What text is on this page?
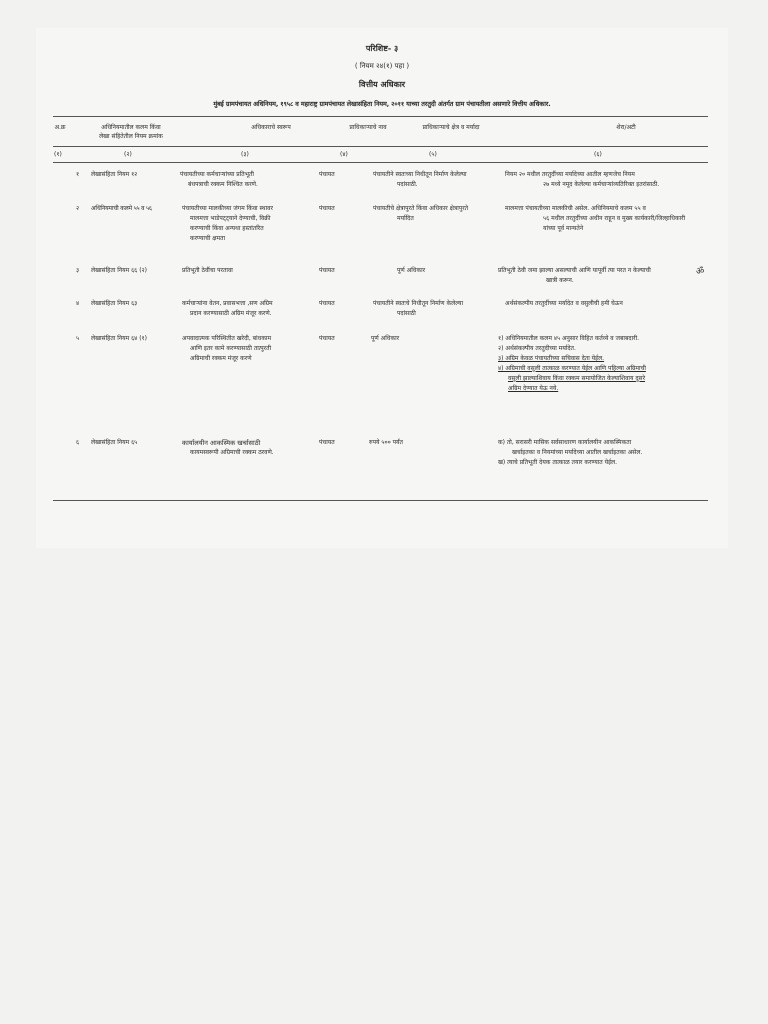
परिशिष्ट- ३
( नियम २४(१) पहा )
वित्तीय अधिकार
मुंबई ग्रामपंचायत अधिनियम, १९५८ व महाराष्ट्र ग्रामपंचायत लेखासंहिता नियम, २०११ याच्या तरतुदी अंतर्गत ग्राम पंचायतीला असणारे वित्तीय अधिकार.
अ.क्र	अधिनियमातील कलम किंवा
लेखा संहितेतील नियम क्रमांक
अधिकाराचे स्वरूप	प्राधिकाऱ्याचे नाव	प्राधिकाऱ्याचे क्षेत्र व मर्यादा	शेरा/अटी
(१)	(२)	(३)	(४)	(५)	(६)
१ लेखासंहिता नियम १२	पंचायतीच्या कर्मचाऱ्यांच्या प्रतिभूती
बंधपत्राची रक्कम निश्चित करणे.
पंचायत	पंचायतीने स्वतःच्या निधीतून निर्माण केलेल्या
पदांसाठी.
नियम २० मधील तरतुदींच्या मर्यादेच्या आतील म्हणजेच नियम
२७ मध्ये नमूद केलेल्या कर्मचाऱ्यांव्यतिरिक्त इतरांसाठी.
२ अधिनियमाची कलमे ५५ व ५६	पंचायतीच्या मालकीच्या जंगम किंवा स्थावर
मालमत्ता भाडेपट्ट्याने देण्याची, विक्री
करण्याची किंवा अन्यथा हस्तांतरित
करण्याची क्षमता
पंचायत	पंचायतीचे क्षेत्रापुरते किंवा अधिकार क्षेत्रापुरते
मर्यादित
मालमत्ता पंचायतीच्या मालकीची असेल. अधिनियमाचे कलम ५५ व
५६ मधील तरतुदींच्या अधीन राहून व मुख्य कार्यकारी/जिल्हाधिकारी
यांच्या पूर्व मान्यतेने
३ लेखासंहिता नियम ६६ (२)	प्रतिभूती ठेवींचा परतावा	पंचायत	पूर्ण अधिकार	प्रतिभूती ठेवी जमा झाल्या असल्याची आणि यापूर्वी त्या परत न केल्याची
खात्री करून.
४ लेखासंहिता नियम ६३	कर्मचाऱ्यांना वेतन, प्रवासभत्ता ,सण अग्रिम
प्रदान करण्यासाठी अग्रिम मंजूर करणे.
पंचायत	पंचायतीने स्वतःचे निधीतून निर्माण केलेल्या
पदांसाठी
अर्थसंकल्पीय तरतुदींच्या मर्यादेत व वसुलीची हमी घेऊन
५ लेखासंहिता नियम ६४ (१)	अपवादात्मक परिस्थितीत खरेदी, बांधकाम
आणि इतर कामे करण्यासाठी तात्पुरती
अग्रिमाची रक्कम मंजूर करणे
पंचायत	पूर्ण अधिकार	१) अधिनियमातील कलम ४५ अनुसार विहित कर्तव्ये व जबाबदारी.
२) अर्थसंकल्पीय तरतुदीच्या मर्यादेत.
३) अग्रिम केवळ पंचायतीच्या सचिवास देता येईल.
४) अग्रिमाची वसुली तात्काळ करण्यात येईल आणि पहिल्या अग्रिमाची
वसुली झाल्याशिवाय किंवा रक्कम समायोजित केल्याशिवाय दुसरे
अग्रिम देण्यात येऊ नये.
६ लेखासंहिता नियम ६५	कार्यालयीन आकस्मिक खर्चासाठी
कायमस्वरूपी अग्रिमाची रक्कम ठरवणे.
पंचायत	रुपये ५०० पर्यंत	क) तो, सरासरी मासिक सर्वसाधारण कार्यालयीन आकस्मिकता
खर्चाइतका व नियमांच्या मर्यादेच्या आतील खर्चाइतका असेल.
ख) त्याचे प्रतिभूती देयक तात्काळ तयार करण्यात येईल.
ॐ
